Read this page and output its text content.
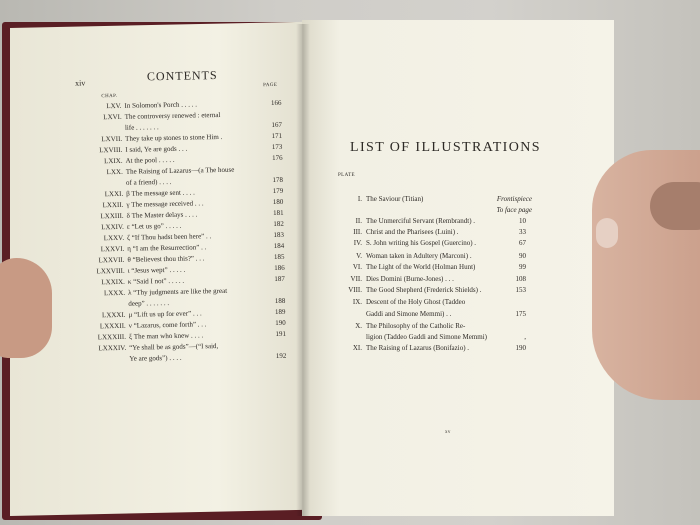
xiv	CONTENTS
CHAP.
PAGE
LXV. In Solomon's Porch . . . . .	166
LXVI. The controversy renewed : eternal
life . . . . . . .	167
LXVII. They take up stones to stone Him .	171
LXVIII. I said, Ye are gods . . .	173
LXIX. At the pool . . . . .	176
LXX. The Raising of Lazarus—(a The house
of a friend) . . . .	178
LXXI. β The message sent . . . .	179
LXXII. γ The message received . . .	180
LXXIII. δ The Master delays . . . .	181
LXXIV. ε “Let us go” . . . . .	182
LXXV. ζ “If Thou hadst been here” . .	183
LXXVI. η “I am the Resurrection” . .	184
LXXVII. θ “Believest thou this?” . . .	185
LXXVIII. ι “Jesus wept” . . . . .	186
LXXIX. κ “Said I not” . . . . .	187
LXXX. λ “Thy judgments are like the great
deep” . . . . . . .	188
LXXXI. μ “Lift us up for ever” . . .	189
LXXXII. ν “Lazarus, come forth” . . .	190
LXXXIII. ξ The man who knew . . . .	191
LXXXIV. “Ye shall be as gods”—(“I said,
Ye are gods”) . . . .	192
LIST OF ILLUSTRATIONS
PLATE
I. The Saviour (Titian)	Frontispiece
To face page
II. The Unmerciful Servant (Rembrandt) .	10
III. Christ and the Pharisees (Luini) .	33
IV. S. John writing his Gospel (Guercino) .	67
V. Woman taken in Adultery (Marconi) .	90
VI. The Light of the World (Holman Hunt)	99
VII. Dies Domini (Burne-Jones) . . .	108
VIII. The Good Shepherd (Frederick Shields) .	153
IX. Descent of the Holy Ghost (Taddeo
Gaddi and Simone Memmi) . .	175
X. The Philosophy of the Catholic Re-
ligion (Taddeo Gaddi and Simone Memmi)	,
XI. The Raising of Lazarus (Bonifazio) .	190
xv
